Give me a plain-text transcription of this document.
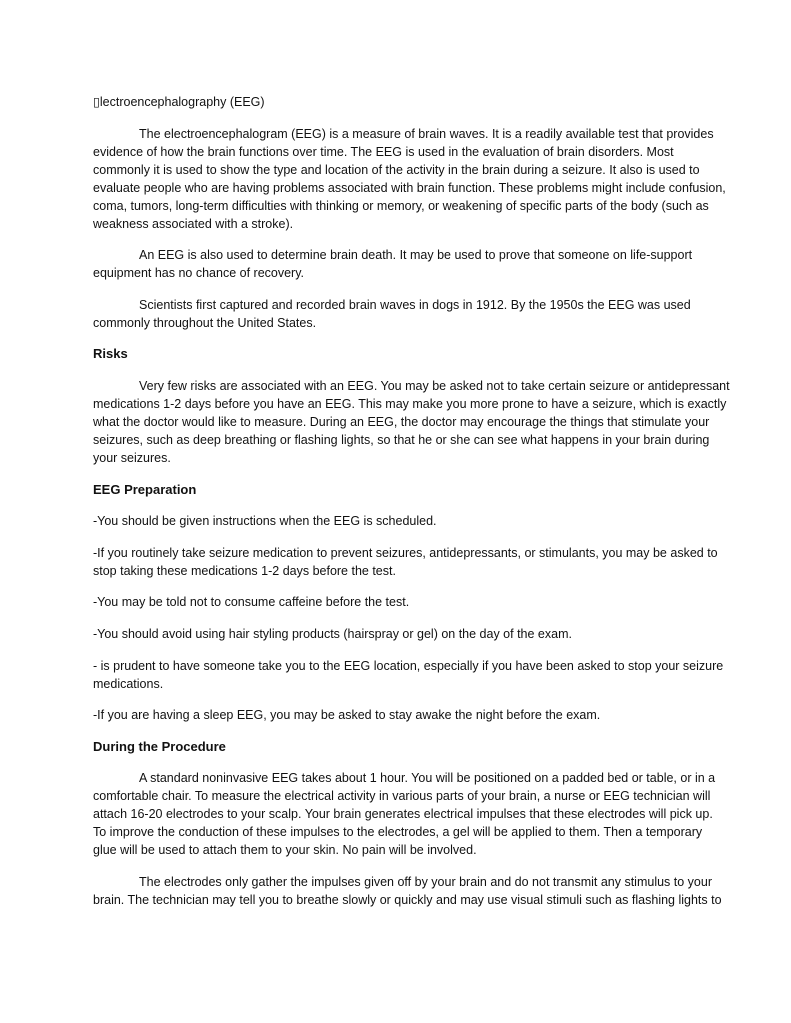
▯lectroencephalography (EEG)

The electroencephalogram (EEG) is a measure of brain waves. It is a readily available test that provides
evidence of how the brain functions over time. The EEG is used in the evaluation of brain disorders. Most
commonly it is used to show the type and location of the activity in the brain during a seizure. It also is used to
evaluate people who are having problems associated with brain function. These problems might include confusion,
coma, tumors, long-term difficulties with thinking or memory, or weakening of specific parts of the body (such as
weakness associated with a stroke).

An EEG is also used to determine brain death. It may be used to prove that someone on life-support
equipment has no chance of recovery.

Scientists first captured and recorded brain waves in dogs in 1912. By the 1950s the EEG was used
commonly throughout the United States.

Risks

Very few risks are associated with an EEG. You may be asked not to take certain seizure or antidepressant
medications 1-2 days before you have an EEG. This may make you more prone to have a seizure, which is exactly
what the doctor would like to measure. During an EEG, the doctor may encourage the things that stimulate your
seizures, such as deep breathing or flashing lights, so that he or she can see what happens in your brain during
your seizures.

EEG Preparation

-You should be given instructions when the EEG is scheduled.

-If you routinely take seizure medication to prevent seizures, antidepressants, or stimulants, you may be asked to
stop taking these medications 1-2 days before the test.

-You may be told not to consume caffeine before the test.

-You should avoid using hair styling products (hairspray or gel) on the day of the exam.

- is prudent to have someone take you to the EEG location, especially if you have been asked to stop your seizure
medications.

-If you are having a sleep EEG, you may be asked to stay awake the night before the exam.

During the Procedure

A standard noninvasive EEG takes about 1 hour. You will be positioned on a padded bed or table, or in a
comfortable chair. To measure the electrical activity in various parts of your brain, a nurse or EEG technician will
attach 16-20 electrodes to your scalp. Your brain generates electrical impulses that these electrodes will pick up.
To improve the conduction of these impulses to the electrodes, a gel will be applied to them. Then a temporary
glue will be used to attach them to your skin. No pain will be involved.

The electrodes only gather the impulses given off by your brain and do not transmit any stimulus to your
brain. The technician may tell you to breathe slowly or quickly and may use visual stimuli such as flashing lights to
